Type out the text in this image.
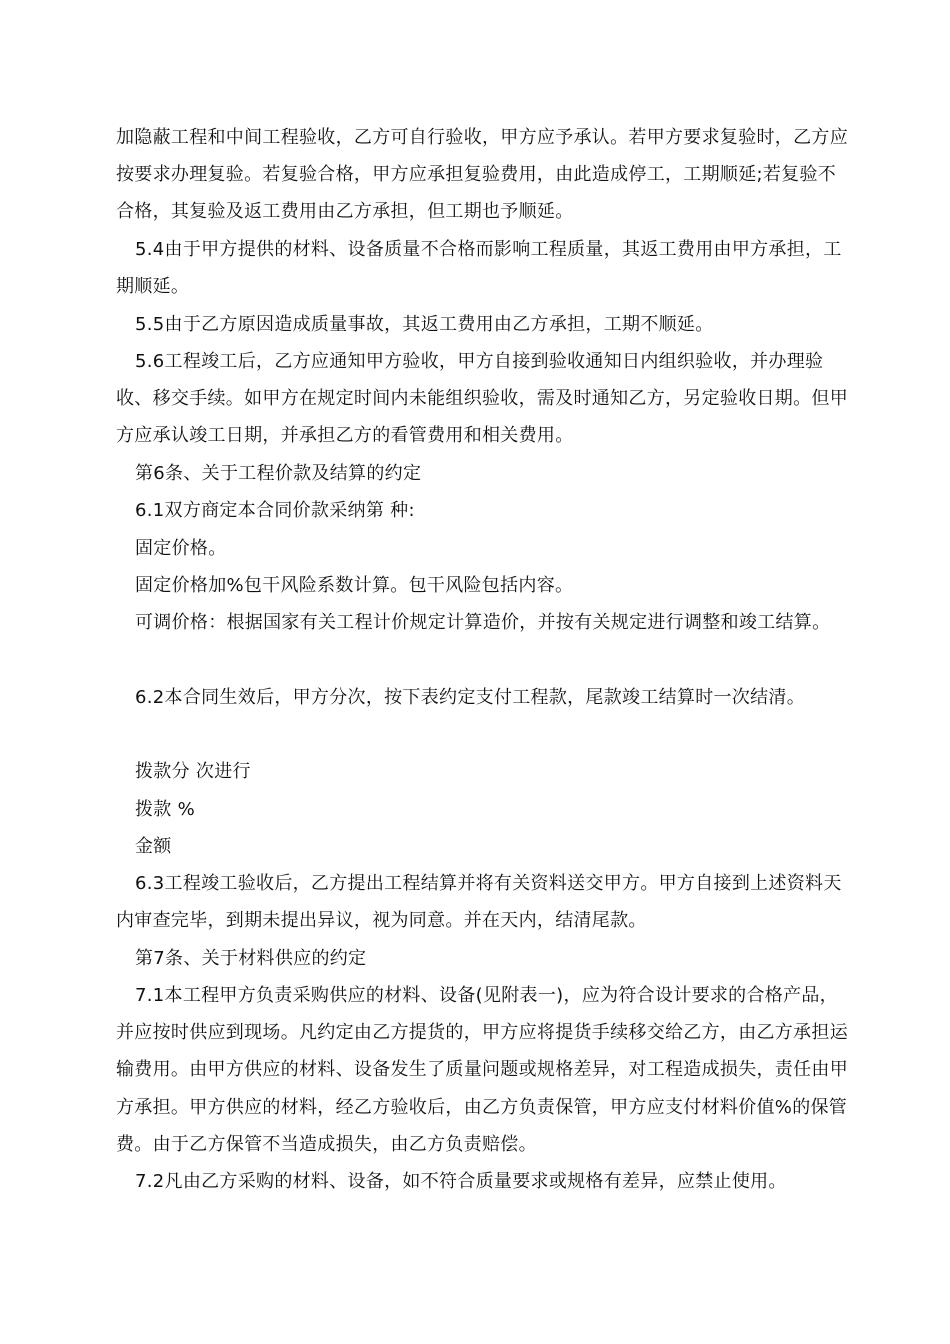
加隐蔽工程和中间工程验收，乙方可自行验收，甲方应予承认。若甲方要求复验时，乙方应按要求办理复验。若复验合格，甲方应承担复验费用，由此造成停工，工期顺延;若复验不合格，其复验及返工费用由乙方承担，但工期也予顺延。

5.4由于甲方提供的材料、设备质量不合格而影响工程质量，其返工费用由甲方承担，工期顺延。

5.5由于乙方原因造成质量事故，其返工费用由乙方承担，工期不顺延。

5.6工程竣工后，乙方应通知甲方验收，甲方自接到验收通知日内组织验收，并办理验收、移交手续。如甲方在规定时间内未能组织验收，需及时通知乙方，另定验收日期。但甲方应承认竣工日期，并承担乙方的看管费用和相关费用。

第6条、关于工程价款及结算的约定

6.1双方商定本合同价款采纳第 种:

固定价格。

固定价格加%包干风险系数计算。包干风险包括内容。

可调价格：根据国家有关工程计价规定计算造价，并按有关规定进行调整和竣工结算。

6.2本合同生效后，甲方分次，按下表约定支付工程款，尾款竣工结算时一次结清。

拨款分 次进行

拨款 %

金额

6.3工程竣工验收后，乙方提出工程结算并将有关资料送交甲方。甲方自接到上述资料天内审查完毕，到期未提出异议，视为同意。并在天内，结清尾款。

第7条、关于材料供应的约定

7.1本工程甲方负责采购供应的材料、设备(见附表一)，应为符合设计要求的合格产品，并应按时供应到现场。凡约定由乙方提货的，甲方应将提货手续移交给乙方，由乙方承担运输费用。由甲方供应的材料、设备发生了质量问题或规格差异，对工程造成损失，责任由甲方承担。甲方供应的材料，经乙方验收后，由乙方负责保管，甲方应支付材料价值%的保管费。由于乙方保管不当造成损失，由乙方负责赔偿。

7.2凡由乙方采购的材料、设备，如不符合质量要求或规格有差异，应禁止使用。
